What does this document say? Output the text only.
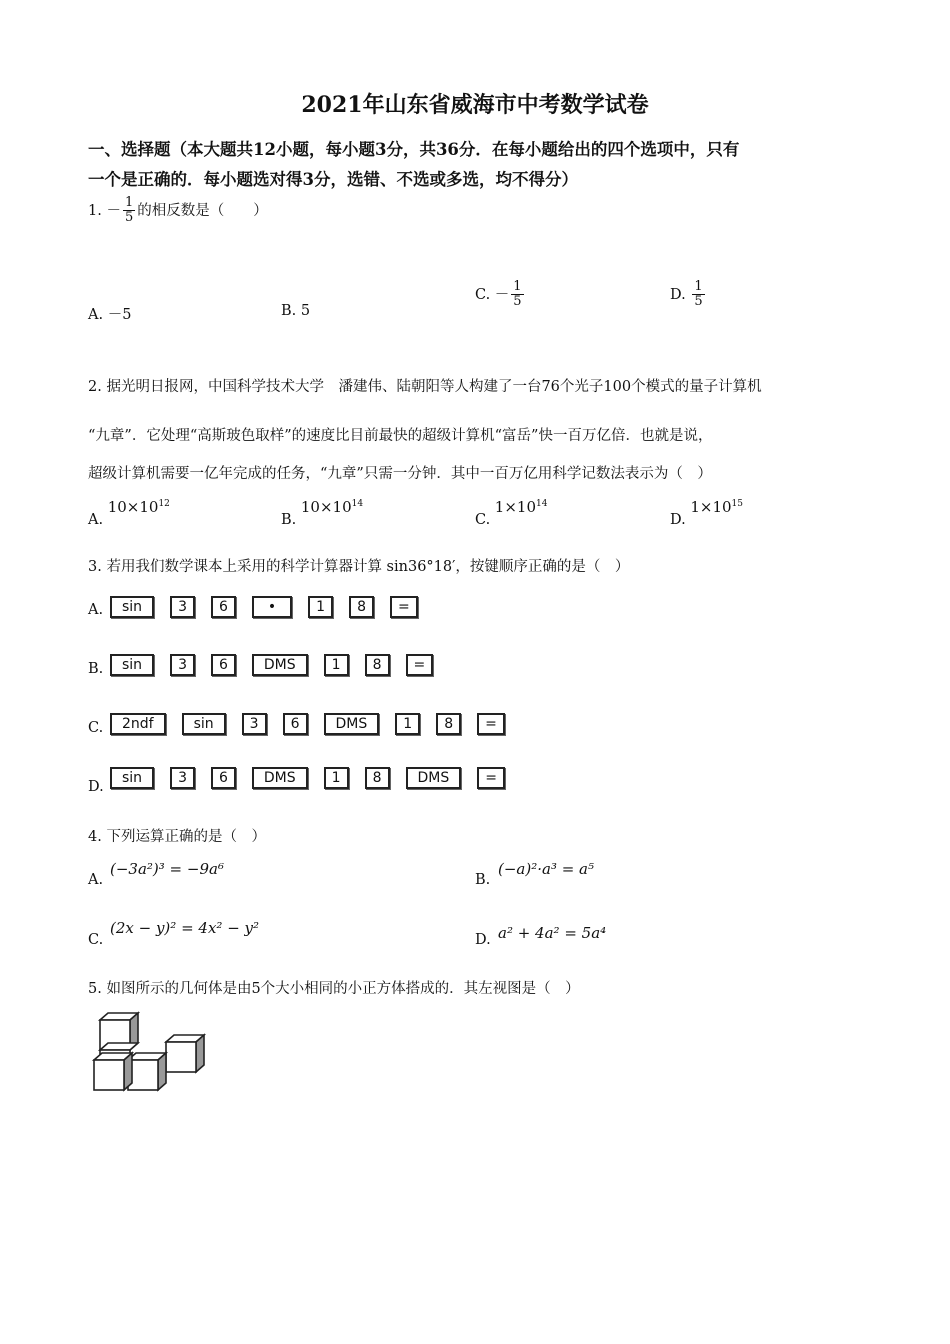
2021年山东省威海市中考数学试卷
一、选择题（本大题共12小题，每小题3分，共36分．在每小题给出的四个选项中，只有
一个是正确的．每小题选对得3分，选错、不选或多选，均不得分）
1. － $\frac{1}{5}$ 的相反数是（　　）
A. －5	B. 5
C. － $\frac{1}{5}$	D. $\frac{1}{5}$
2. 据光明日报网，中国科学技术大学　潘建伟、陆朝阳等人构建了一台76个光子100个模式的量子计算机
“九章”．它处理“高斯玻色取样”的速度比目前最快的超级计算机“富岳”快一百万亿倍．也就是说，
超级计算机需要一亿年完成的任务，“九章”只需一分钟．其中一百万亿用科学记数法表示为（　）
A. $10\times 10^{12}$
B. $10\times 10^{14}$
C. $1\times 10^{14}$
D. $1\times 10^{15}$
3. 若用我们数学课本上采用的科学计算器计算 sin36°18′，按键顺序正确的是（　）
A.	sin	3	6	•	1	8	=
B.	sin	3	6	DMS	1	8	=
C.	2ndf	sin	3	6	DMS	1	8	=
D.
sin	3	6	DMS	1	8	DMS	=
4. 下列运算正确的是（　）
A.
(−3a²)³ = −9a⁶
B.
(−a)²·a³ = a⁵
C.
(2x − y)² = 4x² − y²
D. a² + 4a² = 5a⁴
5. 如图所示的几何体是由5个大小相同的小正方体搭成的．其左视图是（　）
